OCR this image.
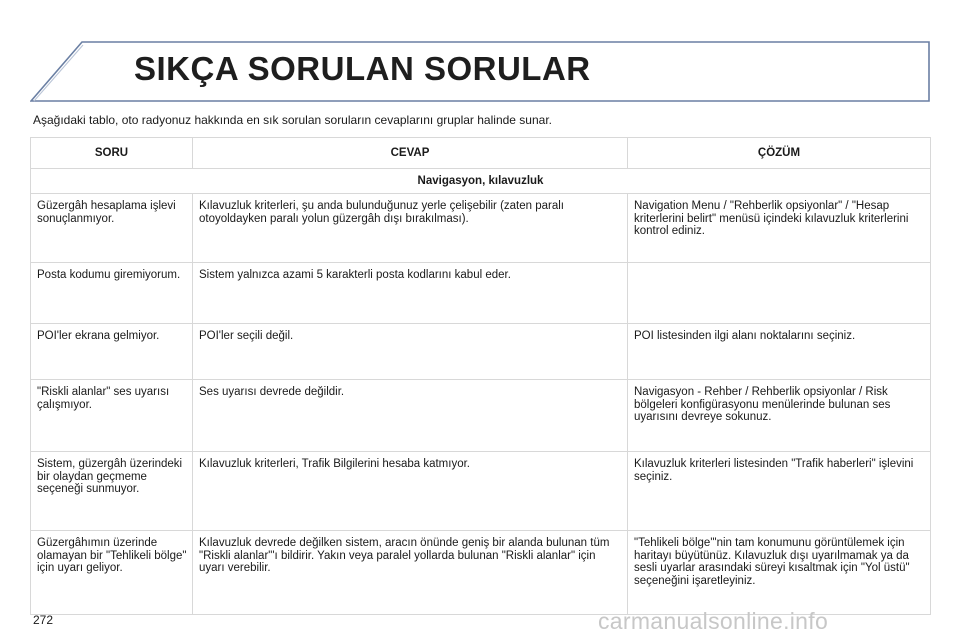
SIKÇA SORULAN SORULAR

Aşağıdaki tablo, oto radyonuz hakkında en sık sorulan soruların cevaplarını gruplar halinde sunar.

SORU	CEVAP	ÇÖZÜM
Navigasyon, kılavuzluk		
Güzergâh hesaplama işlevi sonuçlanmıyor.	Kılavuzluk kriterleri, şu anda bulunduğunuz yerle çelişebilir (zaten paralı otoyoldayken paralı yolun güzergâh dışı bırakılması).	Navigation Menu / "Rehberlik opsiyonlar" / "Hesap kriterlerini belirt" menüsü içindeki kılavuzluk kriterlerini kontrol ediniz.
Posta kodumu giremiyorum.	Sistem yalnızca azami 5 karakterli posta kodlarını kabul eder.	
POI'ler ekrana gelmiyor.	POI'ler seçili değil.	POI listesinden ilgi alanı noktalarını seçiniz.
"Riskli alanlar" ses uyarısı çalışmıyor.	Ses uyarısı devrede değildir.	Navigasyon - Rehber / Rehberlik opsiyonlar / Risk bölgeleri konfigürasyonu menülerinde bulunan ses uyarısını devreye sokunuz.
Sistem, güzergâh üzerindeki bir olaydan geçmeme seçeneği sunmuyor.	Kılavuzluk kriterleri, Trafik Bilgilerini hesaba katmıyor.	Kılavuzluk kriterleri listesinden "Trafik haberleri" işlevini seçiniz.
Güzergâhımın üzerinde olamayan bir "Tehlikeli bölge" için uyarı geliyor.	Kılavuzluk devrede değilken sistem, aracın önünde geniş bir alanda bulunan tüm "Riskli alanlar"'ı bildirir. Yakın veya paralel yollarda bulunan "Riskli alanlar" için uyarı verebilir.	"Tehlikeli bölge"'nin tam konumunu görüntülemek için haritayı büyütünüz. Kılavuzluk dışı uyarılmamak ya da sesli uyarlar arasındaki süreyi kısaltmak için "Yol üstü" seçeneğini işaretleyiniz.
272	carmanualsonline.info
